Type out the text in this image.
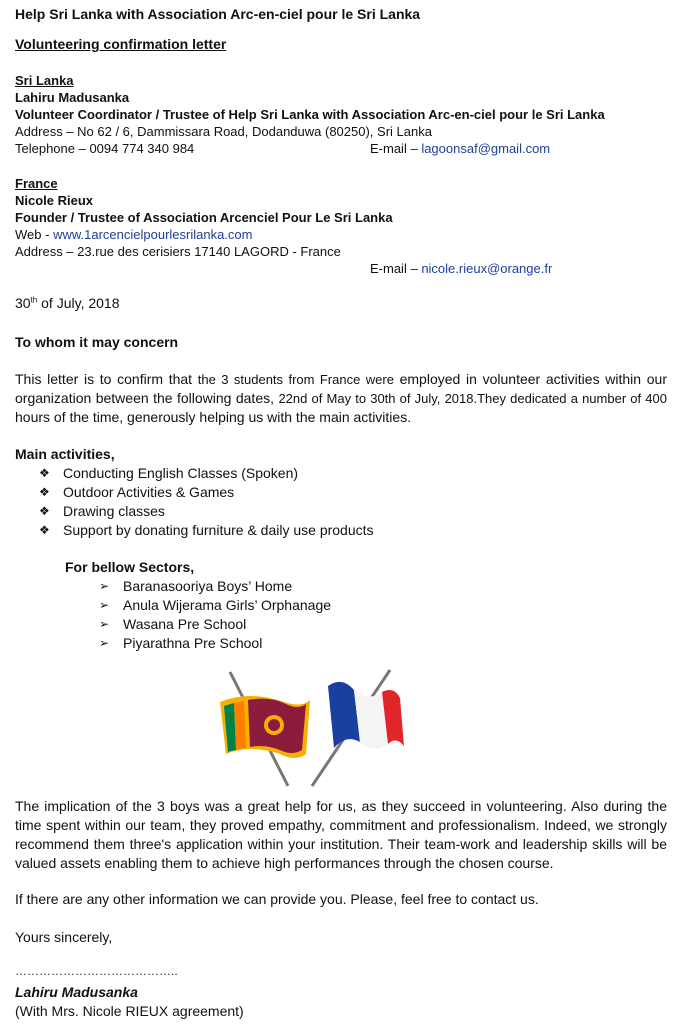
Help Sri Lanka with Association Arc-en-ciel pour le Sri Lanka
Volunteering confirmation letter
Sri Lanka
Lahiru Madusanka
Volunteer Coordinator / Trustee of Help Sri Lanka with Association Arc-en-ciel pour le Sri Lanka
Address – No 62 / 6, Dammissara Road, Dodanduwa (80250), Sri Lanka
Telephone – 0094 774 340 984	E-mail – lagoonsaf@gmail.com
France
Nicole Rieux
Founder / Trustee of Association Arcenciel Pour Le Sri Lanka
Web - www.1arcencielpourlesrilanka.com
Address – 23.rue des cerisiers 17140 LAGORD - France
E-mail – nicole.rieux@orange.fr
30th of July, 2018
To whom it may concern
This letter is to confirm that the 3 students from France were employed in volunteer activities within our organization between the following dates, 22nd of May to 30th of July, 2018.They dedicated a number of 400 hours of the time, generously helping us with the main activities.
Main activities,
❖ Conducting English Classes (Spoken)
❖ Outdoor Activities & Games
❖ Drawing classes
❖ Support by donating furniture & daily use products
For bellow Sectors,
➢ Baranasooriya Boys’ Home
➢ Anula Wijerama Girls’ Orphanage
➢ Wasana Pre School
➢ Piyarathna Pre School
The implication of the 3 boys was a great help for us, as they succeed in volunteering. Also during the time spent within our team, they proved empathy, commitment and professionalism. Indeed, we strongly recommend them three's application within your institution. Their team-work and leadership skills will be valued assets enabling them to achieve high performances through the chosen course.
If there are any other information we can provide you. Please, feel free to contact us.
Yours sincerely,
…………………………………..
Lahiru Madusanka
(With Mrs. Nicole RIEUX agreement)
